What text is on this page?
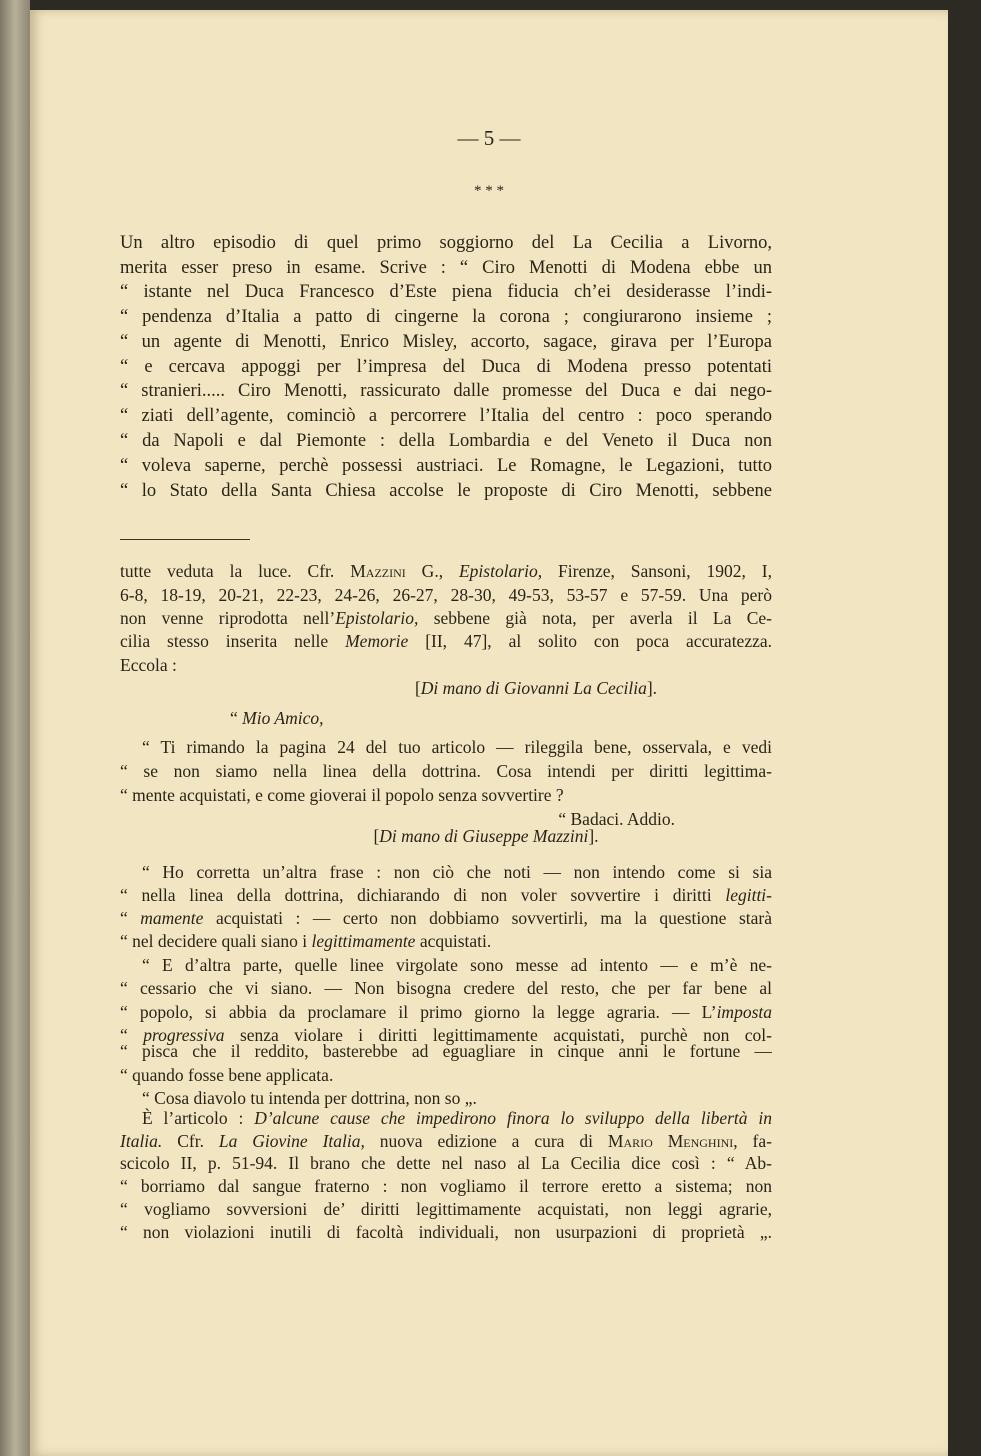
— 5 —
* * *
Un altro episodio di quel primo soggiorno del La Cecilia a Livorno,
merita esser preso in esame. Scrive : “ Ciro Menotti di Modena ebbe un
“ istante nel Duca Francesco d’Este piena fiducia ch’ei desiderasse l’indi-
“ pendenza d’Italia a patto di cingerne la corona ; congiurarono insieme ;
“ un agente di Menotti, Enrico Misley, accorto, sagace, girava per l’Europa
“ e cercava appoggi per l’impresa del Duca di Modena presso potentati
“ stranieri..... Ciro Menotti, rassicurato dalle promesse del Duca e dai nego-
“ ziati dell’agente, cominciò a percorrere l’Italia del centro : poco sperando
“ da Napoli e dal Piemonte : della Lombardia e del Veneto il Duca non
“ voleva saperne, perchè possessi austriaci. Le Romagne, le Legazioni, tutto
“ lo Stato della Santa Chiesa accolse le proposte di Ciro Menotti, sebbene
tutte veduta la luce. Cfr. Mazzini G., Epistolario, Firenze, Sansoni, 1902, I,
6-8, 18-19, 20-21, 22-23, 24-26, 26-27, 28-30, 49-53, 53-57 e 57-59. Una però
non venne riprodotta nell’Epistolario, sebbene già nota, per averla il La Ce-
cilia stesso inserita nelle Memorie [II, 47], al solito con poca accuratezza.
Eccola :
[Di mano di Giovanni La Cecilia].
“ Mio Amico,
“ Ti rimando la pagina 24 del tuo articolo — rileggila bene, osservala, e vedi
“ se non siamo nella linea della dottrina. Cosa intendi per diritti legittima-
“ mente acquistati, e come gioverai il popolo senza sovvertire ?
“ Badaci. Addio.
[Di mano di Giuseppe Mazzini].
“ Ho corretta un’altra frase : non ciò che noti — non intendo come si sia
“ nella linea della dottrina, dichiarando di non voler sovvertire i diritti legitti-
“ mamente acquistati : — certo non dobbiamo sovvertirli, ma la questione starà
“ nel decidere quali siano i legittimamente acquistati.
“ E d’altra parte, quelle linee virgolate sono messe ad intento — e m’è ne-
“ cessario che vi siano. — Non bisogna credere del resto, che per far bene al
“ popolo, si abbia da proclamare il primo giorno la legge agraria. — L’imposta
“ progressiva senza violare i diritti legittimamente acquistati, purchè non col-
“ pisca che il reddito, basterebbe ad eguagliare in cinque anni le fortune —
“ quando fosse bene applicata.
“ Cosa diavolo tu intenda per dottrina, non so „.
È l’articolo : D’alcune cause che impedirono finora lo sviluppo della libertà in
Italia. Cfr. La Giovine Italia, nuova edizione a cura di Mario Menghini, fa-
scicolo II, p. 51-94. Il brano che dette nel naso al La Cecilia dice così : “ Ab-
“ borriamo dal sangue fraterno : non vogliamo il terrore eretto a sistema; non
“ vogliamo sovversioni de’ diritti legittimamente acquistati, non leggi agrarie,
“ non violazioni inutili di facoltà individuali, non usurpazioni di proprietà „.
